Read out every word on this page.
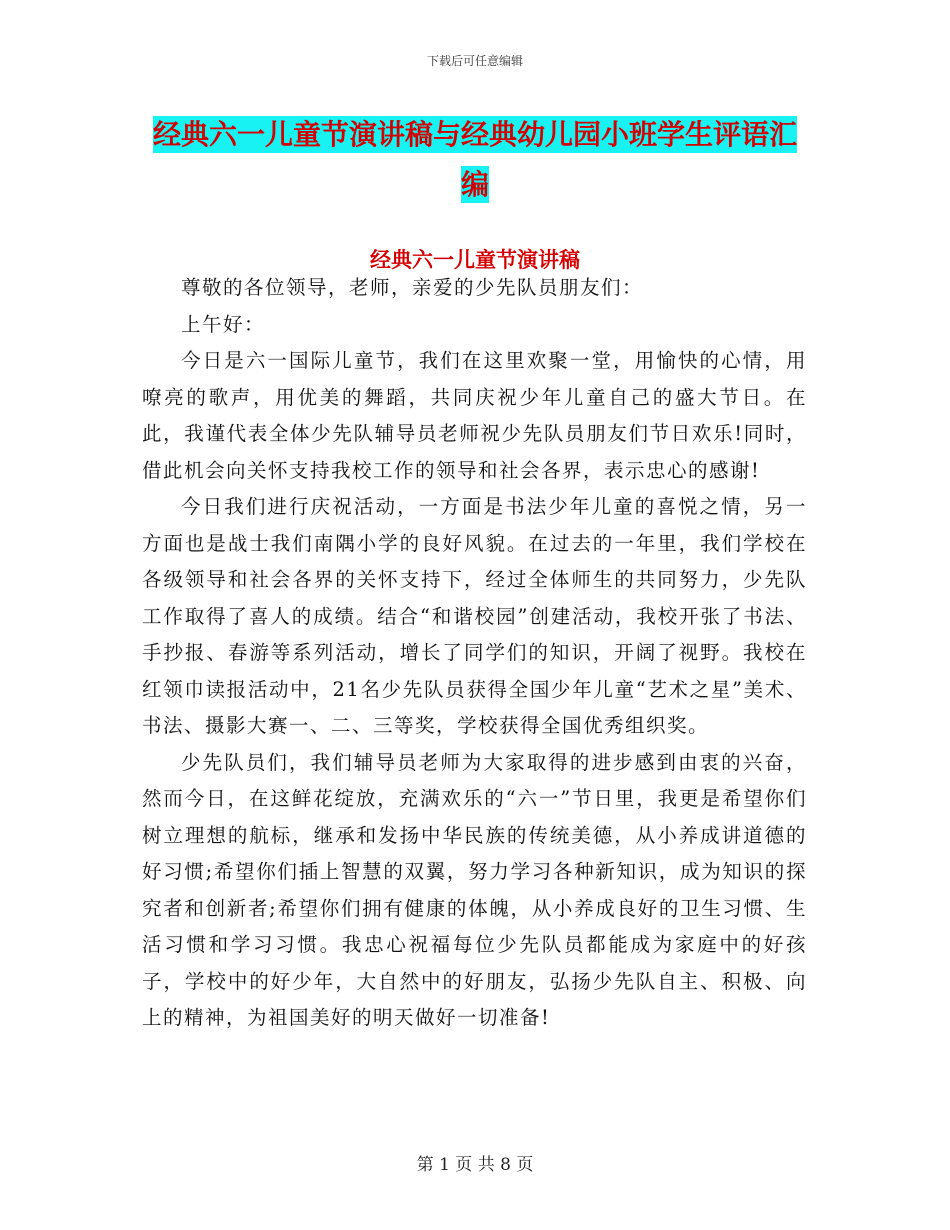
下载后可任意编辑
经典六一儿童节演讲稿与经典幼儿园小班学生评语汇
编
经典六一儿童节演讲稿

尊敬的各位领导，老师，亲爱的少先队员朋友们：

上午好：

今日是六一国际儿童节，我们在这里欢聚一堂，用愉快的心情，用嘹亮的歌声，用优美的舞蹈，共同庆祝少年儿童自己的盛大节日。在此，我谨代表全体少先队辅导员老师祝少先队员朋友们节日欢乐!同时，借此机会向关怀支持我校工作的领导和社会各界，表示忠心的感谢!

今日我们进行庆祝活动，一方面是书法少年儿童的喜悦之情，另一方面也是战士我们南隅小学的良好风貌。在过去的一年里，我们学校在各级领导和社会各界的关怀支持下，经过全体师生的共同努力，少先队工作取得了喜人的成绩。结合“和谐校园”创建活动，我校开张了书法、手抄报、春游等系列活动，增长了同学们的知识，开阔了视野。我校在红领巾读报活动中，21名少先队员获得全国少年儿童“艺术之星”美术、书法、摄影大赛一、二、三等奖，学校获得全国优秀组织奖。

少先队员们，我们辅导员老师为大家取得的进步感到由衷的兴奋，然而今日，在这鲜花绽放，充满欢乐的“六一”节日里，我更是希望你们树立理想的航标，继承和发扬中华民族的传统美德，从小养成讲道德的好习惯;希望你们插上智慧的双翼，努力学习各种新知识，成为知识的探究者和创新者;希望你们拥有健康的体魄，从小养成良好的卫生习惯、生活习惯和学习习惯。我忠心祝福每位少先队员都能成为家庭中的好孩子，学校中的好少年，大自然中的好朋友，弘扬少先队自主、积极、向上的精神，为祖国美好的明天做好一切准备!

第 1 页 共 8 页
